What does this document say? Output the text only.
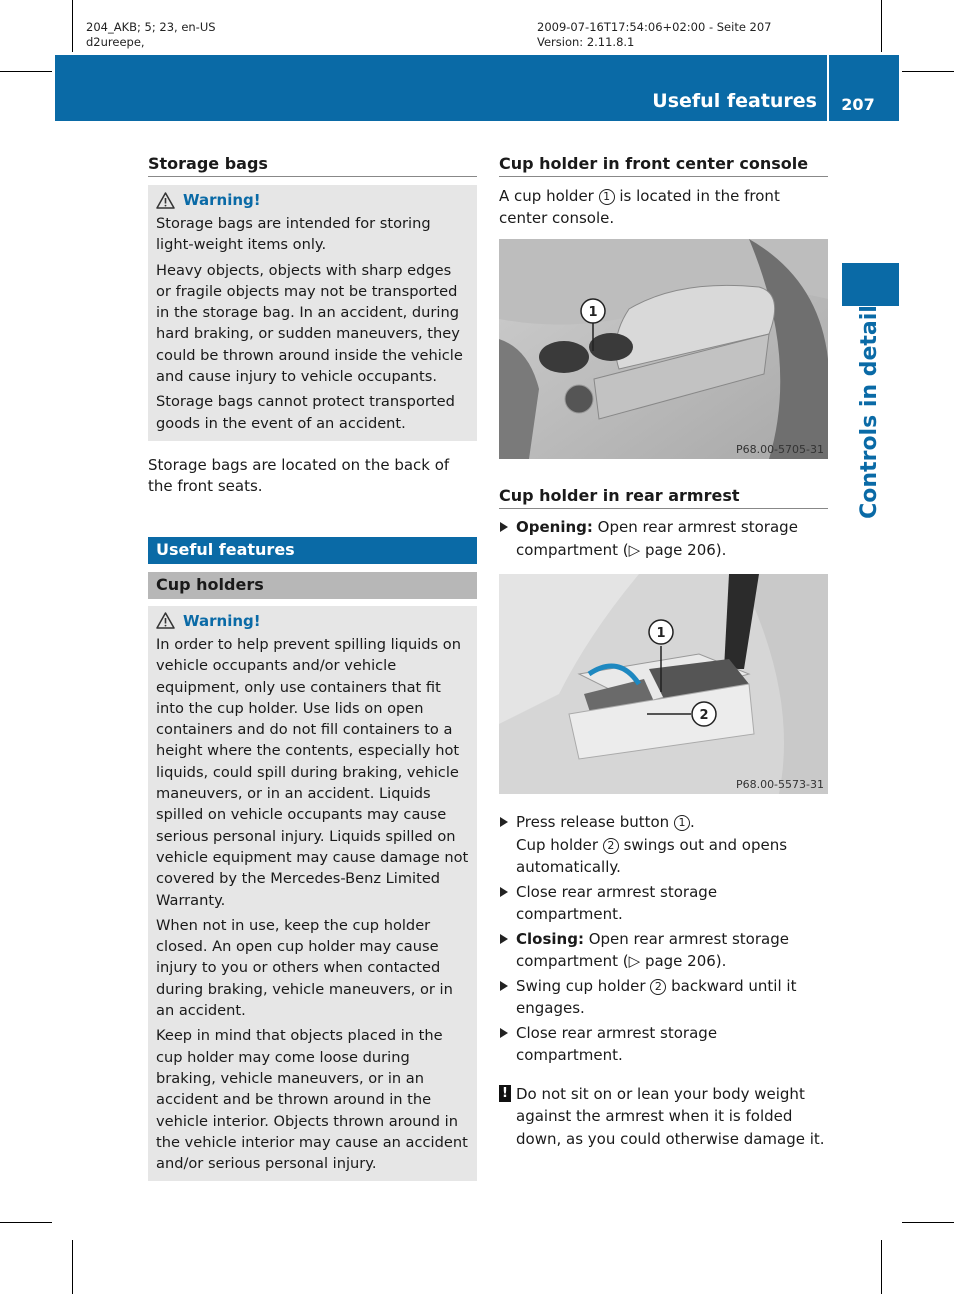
204_AKB; 5; 23, en-US
d2ureepe,
2009-07-16T17:54:06+02:00 - Seite 207
Version: 2.11.8.1
Useful features	207
Controls in detail
Storage bags
Warning!

Storage bags are intended for storing light-weight items only.

Heavy objects, objects with sharp edges or fragile objects may not be transported in the storage bag. In an accident, during hard braking, or sudden maneuvers, they could be thrown around inside the vehicle and cause injury to vehicle occupants.

Storage bags cannot protect transported goods in the event of an accident.

Storage bags are located on the back of the front seats.

Useful features
Cup holders
Warning!

In order to help prevent spilling liquids on vehicle occupants and/or vehicle equipment, only use containers that fit into the cup holder. Use lids on open containers and do not fill containers to a height where the contents, especially hot liquids, could spill during braking, vehicle maneuvers, or in an accident. Liquids spilled on vehicle occupants may cause serious personal injury. Liquids spilled on vehicle equipment may cause damage not covered by the Mercedes-Benz Limited Warranty.

When not in use, keep the cup holder closed. An open cup holder may cause injury to you or others when contacted during braking, vehicle maneuvers, or in an accident.

Keep in mind that objects placed in the cup holder may come loose during braking, vehicle maneuvers, or in an accident and be thrown around in the vehicle interior. Objects thrown around in the vehicle interior may cause an accident and/or serious personal injury.

Cup holder in front center console

A cup holder 1 is located in the front center console.

1
P68.00-5705-31
Cup holder in rear armrest
Opening: Open rear armrest storage compartment (▷ page 206).
1
2
P68.00-5573-31
Press release button 1 .
Cup holder 2 swings out and opens automatically.
Close rear armrest storage compartment.
Closing: Open rear armrest storage compartment (▷ page 206).
Swing cup holder 2 backward until it engages.
Close rear armrest storage compartment.
! Do not sit on or lean your body weight against the armrest when it is folded down, as you could otherwise damage it.
